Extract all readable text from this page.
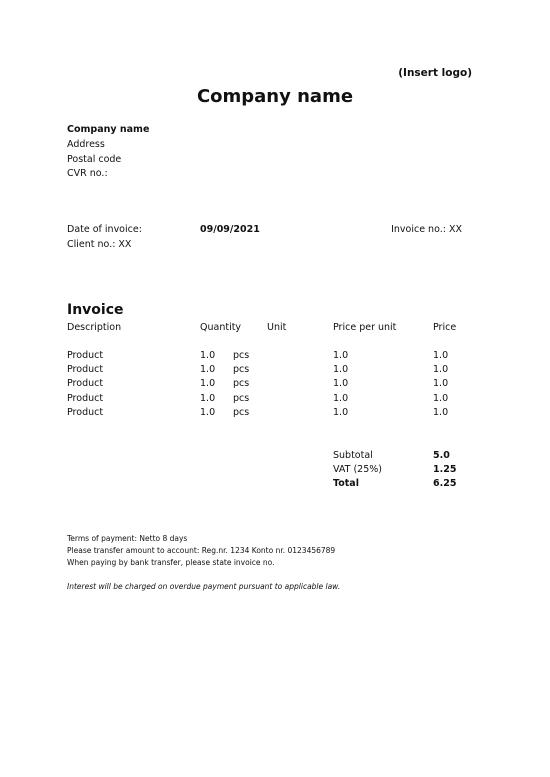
(Insert logo)
Company name
Company name
Address
Postal code
CVR no.:
Date of invoice:	09/09/2021	Invoice no.: XX
Client no.: XX
Invoice
Description	Quantity	Unit	Price per unit	Price
Product	1.0 pcs	1.0	1.0
Product	1.0 pcs	1.0	1.0
Product	1.0 pcs	1.0	1.0
Product	1.0 pcs	1.0	1.0
Product	1.0 pcs	1.0	1.0
Subtotal	5.0
VAT (25%)	1.25
Total	6.25
Terms of payment: Netto 8 days
Please transfer amount to account: Reg.nr. 1234 Konto nr. 0123456789
When paying by bank transfer, please state invoice no.
Interest will be charged on overdue payment pursuant to applicable law.
